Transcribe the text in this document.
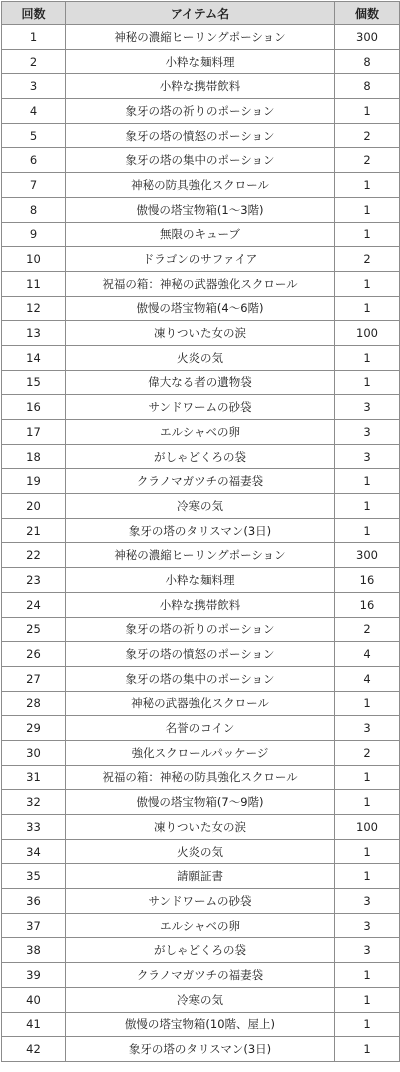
回数	アイテム名	個数
1	神秘の濃縮ヒーリングポーション	300
2	小粋な麺料理	8
3	小粋な携帯飲料	8
4	象牙の塔の祈りのポーション	1
5	象牙の塔の憤怒のポーション	2
6	象牙の塔の集中のポーション	2
7	神秘の防具強化スクロール	1
8	傲慢の塔宝物箱(1～3階)	1
9	無限のキューブ	1
10	ドラゴンのサファイア	2
11	祝福の箱：神秘の武器強化スクロール	1
12	傲慢の塔宝物箱(4～6階)	1
13	凍りついた女の涙	100
14	火炎の気	1
15	偉大なる者の遺物袋	1
16	サンドワームの砂袋	3
17	エルシャベの卵	3
18	がしゃどくろの袋	3
19	クラノマガツチの福妻袋	1
20	冷寒の気	1
21	象牙の塔のタリスマン(3日)	1
22	神秘の濃縮ヒーリングポーション	300
23	小粋な麺料理	16
24	小粋な携帯飲料	16
25	象牙の塔の祈りのポーション	2
26	象牙の塔の憤怒のポーション	4
27	象牙の塔の集中のポーション	4
28	神秘の武器強化スクロール	1
29	名誉のコイン	3
30	強化スクロールパッケージ	2
31	祝福の箱：神秘の防具強化スクロール	1
32	傲慢の塔宝物箱(7～9階)	1
33	凍りついた女の涙	100
34	火炎の気	1
35	請願証書	1
36	サンドワームの砂袋	3
37	エルシャベの卵	3
38	がしゃどくろの袋	3
39	クラノマガツチの福妻袋	1
40	冷寒の気	1
41	傲慢の塔宝物箱(10階、屋上)	1
42	象牙の塔のタリスマン(3日)	1
